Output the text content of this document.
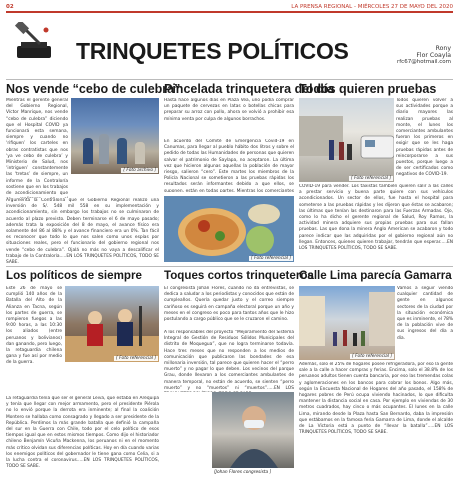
02	LA PRENSA REGIONAL - MIÉRCOLES 27 DE MAYO DEL 2020
TRINQUETES POLÍTICOS	Rony
Flor Coayla
rfc67@hotmail.com
Nos vende “cebo de culebra”
Mientras el gerente general del Gobierno Regional, Víctor Manrique, nos vende “cebo de culebra” diciendo que el Hospital COVID ya funcionará esta semana, siempre y cuando no ‘rifiquen’ los carteles en obras contratistas que nos ‘ya ve cebo de culebra’ y Ministerio de Salud, nos ‘intriguen’ constantemente las ‘tretas’ de siempre, un informe de la Contraloría sostiene que en los trabajos de acondicionamiento que
[ Foto archivo ]
Argumenta la Contraloría que el Gobierno Regional realizó una inversión de S/. 548 mil 558 en su implementación y acondicionamiento, sin embargo los trabajos no se culminaron de acuerdo al plazo previsto. Deben terminarse el 6 de mayo pasado; además trata la exposición del 8 de mayo, el avance físico era solamente del 86 al 88% y el avance financiero era un 0%. Tan fácil es reconocer que todo lo que nos salen como unos espías por situaciones reales, pero el funcionario del gobierno regional nos vende “cebo de culebra”. Ojalá no más no vaya a descalificar el trabajo de la Contraloría.....EN LOS TRINQUETES POLÍTICOS, TODO SE SABE.
Pincelada trinquetera del día
Hasta hace algunos días en Plaza Vea, uno podía comprar un paquete de cervezas en latas o botellas chicas para preparar su arroz con pollo, ahora se volvió a prohibir esa mínima venta por culpa de algunos borrachos.
En acuerdo del Comité de Emergencia Covid-19 en Canumas, para llegar al pueblo hábito dos litros y sobre el pedido de todas las Humanidades de personas que quieren salvar el patrimonio de Saylapa, no aceptaron. La última vez que hicieron algunas aquellas la población de mayor riesgo, salieron “cero”. Este martes los miembros de la Policía Nacional se sometieron a las pruebas rápidas los resultados serán informantes debido a que ellos, se suponen, están en todas partes. Mientras los comerciantes
[ Foto referencial ]
Todos quieren pruebas
[ Foto referencial ]
Todos quieren volver a sus actividades porque a diario mayores las realizan pruebas al monte, el lunes los comerciantes ambulantes fueron los primeros en exigir que se les haga pruebas rápidas antes de reincorporarse a sus puestos, porque luego a de ser certificados como negativos de COVID-19.
COVID-19 para vender. Los taxistas también quieren salir a las calles a prestar servicio y buena parte quiere con sus vehículos acondicionados. Un sector de ellos, fue hasta el hospital para someterse a las pruebas rápidas y les dijeron que éstas se acabaron; las últimas que tenían las destinaron para las Fuerzas Armadas. Ojo, como lo ha dicho el gerente regional de Salud, Roy Ramos, la actividad minera adquiere sus propias pruebas para sus fallan pruebas. Las que dona la minera Anglo American se acabaron y todo parece indicar que las adquiridas por el gobierno regional aún no llegan. Entonces, quienes quieren trabajar, tendrán que esperar.....EN LOS TRINQUETES POLÍTICOS, TODO SE SABE.
Los políticos de siempre
Este 26 de mayo se cumplió 140 años de la Batalla del Alto de la Alianza en Tacna, según los partes de guerra, se rompieron fuegos a las 9:00 horas, a las 10:30 los aliados (entre peruanos y bolivianos) dan ganando, pero luego, la retaguardia chilena gana y fue así por medio de la guerra.
[ Foto referencial ]
La retaguardia tenía que ser el general Leiva, que estaba en Arequipa y tenía que llegar con mejor armamento, pero el presidente Piérola no lo envió porque la derrota era inminente; al final la coalición Montero se hallaba como consagrado y llegado a ser presidente de la República. Perdimos la más grande batalla que definió la campaña del sur en la Guerra con Chile, todo por el celo político de esos tiempos igual que en estos mismos tiempos. Como dijo el historiador chileno Benjamín Vicuña Mackenna, los peruanos ni en el momento más crítico olvidan sus diferencias políticas. Hoy en día cuando varias los enemigos políticos del gobernador le tiene gana como Celia, si a la lucha contra el coronavirus.....EN LOS TRINQUETES POLÍTICOS, TODO SE SABE.
Toques cortos trinqueteros
El congresista Johan Flores, cuando no da entrevistas, se dedica a saludar a los periodistas y conocidos que están de cumpleaños. Quería quedar justo y el correo siempre cariñoso es seguirá en campaña electoral porque un año y meses en el congreso es poco para tantos años que le hizo postulando a cargo público que se le cruzaron el camino.
A los responsables del proyecto “Mejoramiento del Sistema Integral de Gestión de Residuos Sólidos Municipales del distrito de Moquegua”, que no logra terminarse todavía. Hace tres meses que no responden a los medios de comunicación que publicaron las bondades de esa millonaria inversión, tal parece que quieren hacer el “perro muerto” y no pagar lo que deben. Los vecinos del parque Grau, donde llevaron a los comerciantes ambulantes de manera temporal, no están de acuerdo, se sienten “perro muerto” y no “muertos” ni “muertos”.....EN LOS
[Johan Flores congresista ]
Calle Lima parecía Gamarra
[ Foto referencial ]
Vamos a seguir viendo cualquier cantidad de gente en algunos sectores de la ciudad por la situación económica que es inminente, el 78% de la población vive de sus ingresos del día a día.
Además, solo el 25% de hogares posee refrigeradora, por eso la gente sale a la calle a hacer compras y ferias. Encima, solo el 38.8% de los peruanos adultos tienen cuenta bancaria, por eso las tremendas colas y aglomeraciones en los bancos para cobrar los bonos. Algo más, según la Encuesta Nacional de Hogares del año pasado, el 158% de hogares pobres de Perú ocupa viviendo hacinados, lo que dificulta mantener la distancia social en casa. Por ejemplo en viviendas de 30 metros cuadrados, hay cinco o más ocupantes. El lunes en la calle Lima, mirando desde la Plaza hasta San Bernardo, daba la impresión que estábamos en la famosa feria Gamarra de Lima, donde el alcalde de La Victoria está a punto de “llevar la batalla”.....EN LOS TRINQUETES POLÍTICOS, TODO SE SABE.
